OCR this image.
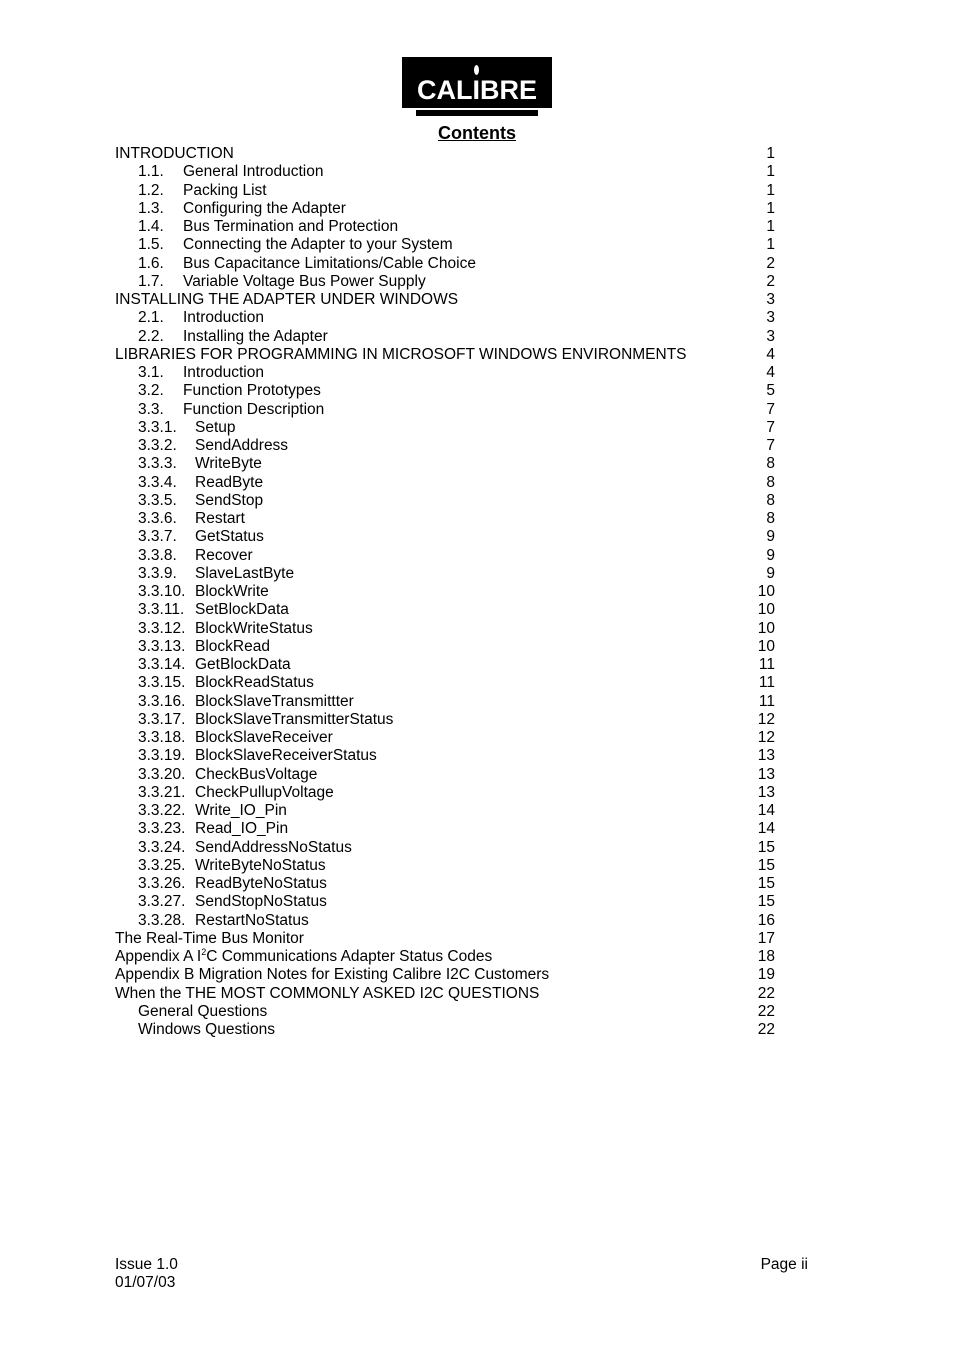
CALIBRE
Contents
INTRODUCTION	1
1.1. General Introduction	1
1.2. Packing List	1
1.3. Configuring the Adapter	1
1.4. Bus Termination and Protection	1
1.5. Connecting the Adapter to your System	1
1.6. Bus Capacitance Limitations/Cable Choice	2
1.7. Variable Voltage Bus Power Supply	2
INSTALLING THE ADAPTER UNDER WINDOWS	3
2.1. Introduction	3
2.2. Installing the Adapter	3
LIBRARIES FOR PROGRAMMING IN MICROSOFT WINDOWS ENVIRONMENTS	4
3.1. Introduction	4
3.2. Function Prototypes	5
3.3. Function Description	7
3.3.1. Setup	7
3.3.2. SendAddress	7
3.3.3. WriteByte	8
3.3.4. ReadByte	8
3.3.5. SendStop	8
3.3.6. Restart	8
3.3.7. GetStatus	9
3.3.8. Recover	9
3.3.9. SlaveLastByte	9
3.3.10. BlockWrite	10
3.3.11. SetBlockData	10
3.3.12. BlockWriteStatus	10
3.3.13. BlockRead	10
3.3.14. GetBlockData	11
3.3.15. BlockReadStatus	11
3.3.16. BlockSlaveTransmittter	11
3.3.17. BlockSlaveTransmitterStatus	12
3.3.18. BlockSlaveReceiver	12
3.3.19. BlockSlaveReceiverStatus	13
3.3.20. CheckBusVoltage	13
3.3.21. CheckPullupVoltage	13
3.3.22. Write_IO_Pin	14
3.3.23. Read_IO_Pin	14
3.3.24. SendAddressNoStatus	15
3.3.25. WriteByteNoStatus	15
3.3.26. ReadByteNoStatus	15
3.3.27. SendStopNoStatus	15
3.3.28. RestartNoStatus	16
The Real-Time Bus Monitor	17
Appendix A $I^2C$ Communications Adapter Status Codes	18
Appendix B Migration Notes for Existing Calibre I2C Customers	19
When the THE MOST COMMONLY ASKED I2C QUESTIONS	22
General Questions	22
Windows Questions	22
Issue 1.0
01/07/03
Page ii
